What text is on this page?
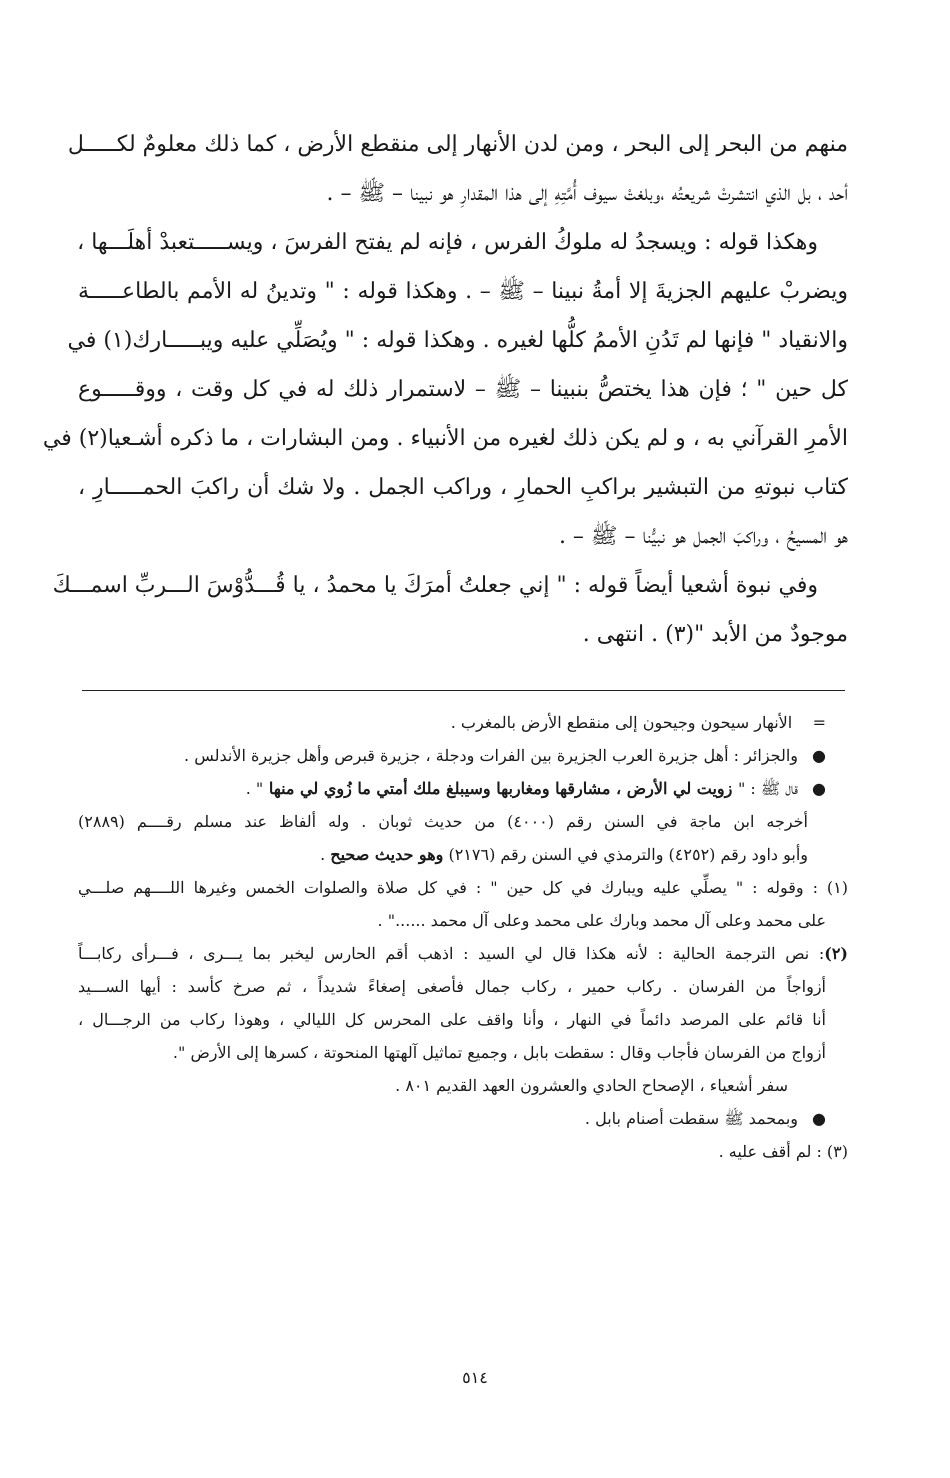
منهم من البحر إلى البحر ، ومن لدن الأنهار إلى منقطع الأرض ، كما ذلك معلومٌ لكـــــل

أحد ، بل الذي انتشرتْ شريعتُه ،وبلغتْ سيوف أُمَّتِهِ إلى هذا المقدارِ هو نبينا – ﷺ – .

وهكذا قوله : ويسجدُ له ملوكُ الفرس ، فإنه لم يفتح الفرسَ ، ويســـــتعبدْ أهلَـــها ،

ويضربْ عليهم الجزيةَ إلا أمةُ نبينا – ﷺ – . وهكذا قوله : " وتدينُ له الأمم بالطاعـــــة

والانقياد " فإنها لم تَدُنِ الأممُ كلُّها لغيره . وهكذا قوله : " ويُصَلِّي عليه ويبـــــارك(١) في

كل حين " ؛ فإن هذا يختصُّ بنبينا – ﷺ – لاستمرار ذلك له في كل وقت ، ووقـــــوع

الأمرِ القرآني به ، و لم يكن ذلك لغيره من الأنبياء . ومن البشارات ، ما ذكره أشـعيا(٢) في

كتاب نبوتهِ من التبشير براكبِ الحمارِ ، وراكب الجمل . ولا شك أن راكبَ الحمـــــارِ ،

هو المسيحُ ، وراكبَ الجمل هو نبيُّنا – ﷺ – .

وفي نبوة أشعيا أيضاً قوله : " إني جعلتُ أمرَكَ يا محمدُ ، يا قُـــدُّوْسَ الـــربِّ اسمـــكَ

موجودٌ من الأبد "(٣) . انتهى .

=    الأنهار سيحون وجيحون إلى منقطع الأرض بالمغرب .

●والجزائر : أهل جزيرة العرب الجزيرة بين الفرات ودجلة ، جزيرة قبرص وأهل جزيرة الأندلس .

●قال ﷺ : " زويت لي الأرض ، مشارقها ومغاربها وسيبلغ ملك أمتي ما زُوي لي منها " .

أخرجه ابن ماجة في السنن رقم (٤٠٠٠) من حديث ثوبان . وله ألفاظ عند مسلم رقــــم (٢٨٨٩)

وأبو داود رقم (٤٢٥٢) والترمذي في السنن رقم (٢١٧٦) وهو حديث صحيح .

(١) : وقوله : " يصلِّي عليه ويبارك في كل حين " : في كل صلاة والصلوات الخمس وغيرها اللــــهم صلـــي

على محمد وعلى آل محمد وبارك على محمد وعلى آل محمد ......" .

(٢): نص الترجمة الحالية : لأنه هكذا قال لي السيد : اذهب أقم الحارس ليخبر بما يـــرى ، فـــرأى ركابـــاً

أزواجاً من الفرسان . ركاب حمير ، ركاب جمال فأصغى إصغاءً شديداً ، ثم صرخ كأسد : أيها الســـيد

أنا قائم على المرصد دائماً في النهار ، وأنا واقف على المحرس كل الليالي ، وهوذا ركاب من الرجـــال ،

أزواج من الفرسان فأجاب وقال : سقطت بابل ، وجميع تماثيل آلهتها المنحوتة ، كسرها إلى الأرض ".

سفر أشعياء ، الإصحاح الحادي والعشرون العهد القديم ٨٠١ .

●وبمحمد ﷺ سقطت أصنام بابل .

(٣) : لم أقف عليه .

٥١٤
